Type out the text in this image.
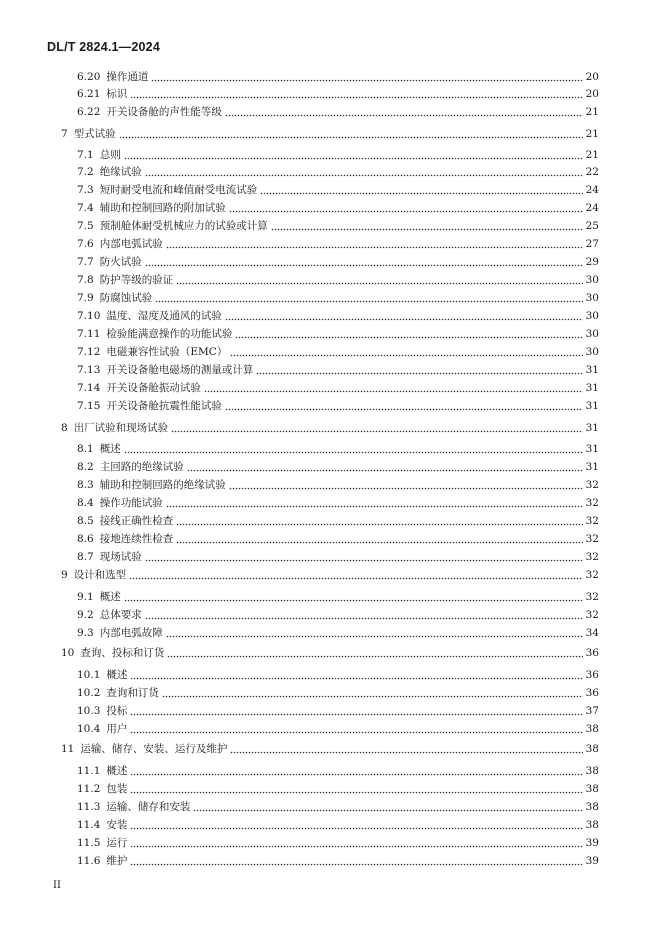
DL/T 2824.1—2024
6.20 操作通道	20
6.21 标识	20
6.22 开关设备舱的声性能等级	21
7 型式试验	21
7.1 总则	21
7.2 绝缘试验	22
7.3 短时耐受电流和峰值耐受电流试验	24
7.4 辅助和控制回路的附加试验	24
7.5 预制舱体耐受机械应力的试验或计算	25
7.6 内部电弧试验	27
7.7 防火试验	29
7.8 防护等级的验证	30
7.9 防腐蚀试验	30
7.10 温度、湿度及通风的试验	30
7.11 检验能满意操作的功能试验	30
7.12 电磁兼容性试验（EMC）	30
7.13 开关设备舱电磁场的测量或计算	31
7.14 开关设备舱振动试验	31
7.15 开关设备舱抗震性能试验	31
8 出厂试验和现场试验	31
8.1 概述	31
8.2 主回路的绝缘试验	31
8.3 辅助和控制回路的绝缘试验	32
8.4 操作功能试验	32
8.5 接线正确性检查	32
8.6 接地连续性检查	32
8.7 现场试验	32
9 设计和选型	32
9.1 概述	32
9.2 总体要求	32
9.3 内部电弧故障	34
10 查询、投标和订货	36
10.1 概述	36
10.2 查询和订货	36
10.3 投标	37
10.4 用户	38
11 运输、储存、安装、运行及维护	38
11.1 概述	38
11.2 包装	38
11.3 运输、储存和安装	38
11.4 安装	38
11.5 运行	39
11.6 维护	39
II
